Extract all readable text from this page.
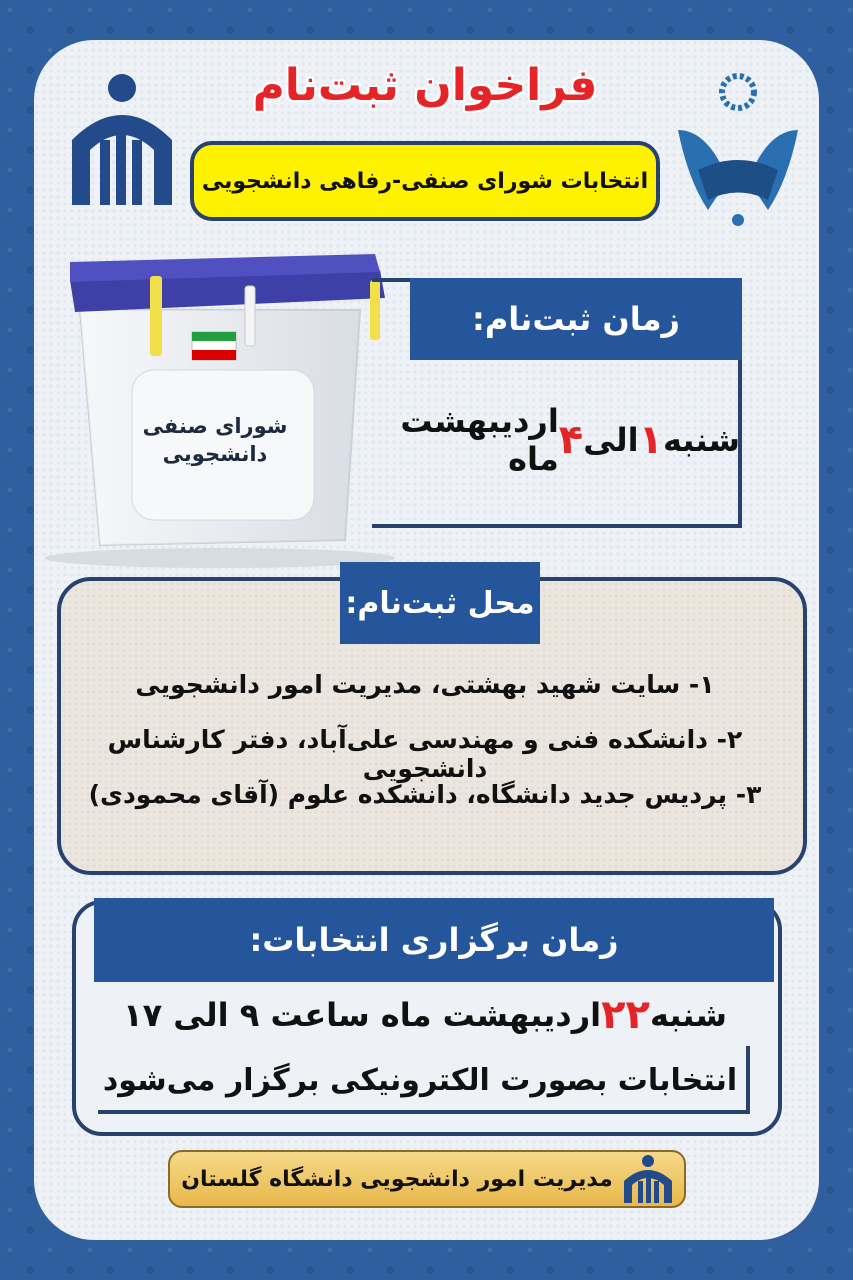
فراخوان ثبت‌نام
انتخابات شورای صنفی-رفاهی دانشجویی
شورای صنفی
دانشجویی
زمان ثبت‌نام:
شنبه
۱
الی
۴
اردیبهشت ماه
محل ثبت‌نام:
۱- سایت شهید بهشتی، مدیریت امور دانشجویی
۲- دانشکده فنی و مهندسی علی‌آباد، دفتر کارشناس دانشجویی
۳- پردیس جدید دانشگاه، دانشکده علوم (آقای محمودی)
زمان برگزاری انتخابات:
شنبه
۲۲
اردیبهشت ماه ساعت ۹ الی ۱۷
انتخابات بصورت الکترونیکی برگزار می‌شود
مدیریت امور دانشجویی دانشگاه گلستان
